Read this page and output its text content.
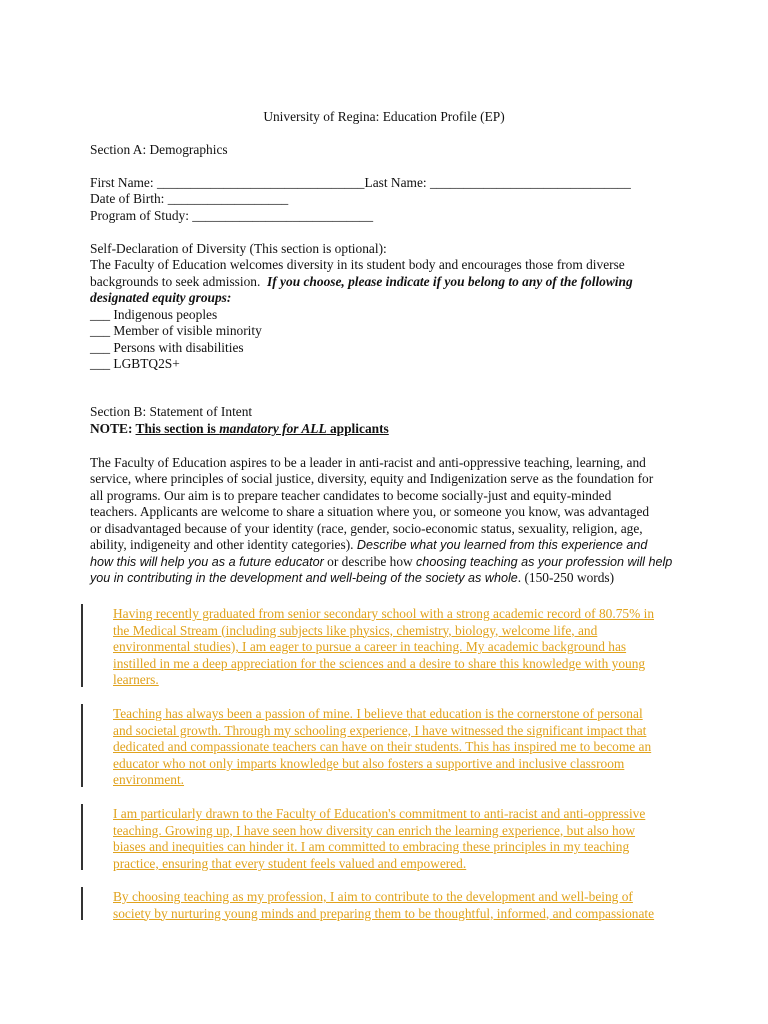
University of Regina: Education Profile (EP)
Section A: Demographics
First Name: _______________________________Last Name: ______________________________
Date of Birth: __________________
Program of Study: ___________________________
Self-Declaration of Diversity (This section is optional):
The Faculty of Education welcomes diversity in its student body and encourages those from diverse
backgrounds to seek admission.  If you choose, please indicate if you belong to any of the following
designated equity groups:
___ Indigenous peoples
___ Member of visible minority
___ Persons with disabilities
___ LGBTQ2S+
Section B: Statement of Intent
NOTE: This section is mandatory for ALL applicants
The Faculty of Education aspires to be a leader in anti-racist and anti-oppressive teaching, learning, and
service, where principles of social justice, diversity, equity and Indigenization serve as the foundation for
all programs. Our aim is to prepare teacher candidates to become socially-just and equity-minded
teachers. Applicants are welcome to share a situation where you, or someone you know, was advantaged
or disadvantaged because of your identity (race, gender, socio-economic status, sexuality, religion, age,
ability, indigeneity and other identity categories). Describe what you learned from this experience and
how this will help you as a future educator or describe how choosing teaching as your profession will help
you in contributing in the development and well-being of the society as whole. (150-250 words)
Having recently graduated from senior secondary school with a strong academic record of 80.75% in
the Medical Stream (including subjects like physics, chemistry, biology, welcome life, and
environmental studies), I am eager to pursue a career in teaching. My academic background has
instilled in me a deep appreciation for the sciences and a desire to share this knowledge with young
learners.
Teaching has always been a passion of mine. I believe that education is the cornerstone of personal
and societal growth. Through my schooling experience, I have witnessed the significant impact that
dedicated and compassionate teachers can have on their students. This has inspired me to become an
educator who not only imparts knowledge but also fosters a supportive and inclusive classroom
environment.
I am particularly drawn to the Faculty of Education's commitment to anti-racist and anti-oppressive
teaching. Growing up, I have seen how diversity can enrich the learning experience, but also how
biases and inequities can hinder it. I am committed to embracing these principles in my teaching
practice, ensuring that every student feels valued and empowered.
By choosing teaching as my profession, I aim to contribute to the development and well-being of
society by nurturing young minds and preparing them to be thoughtful, informed, and compassionate
